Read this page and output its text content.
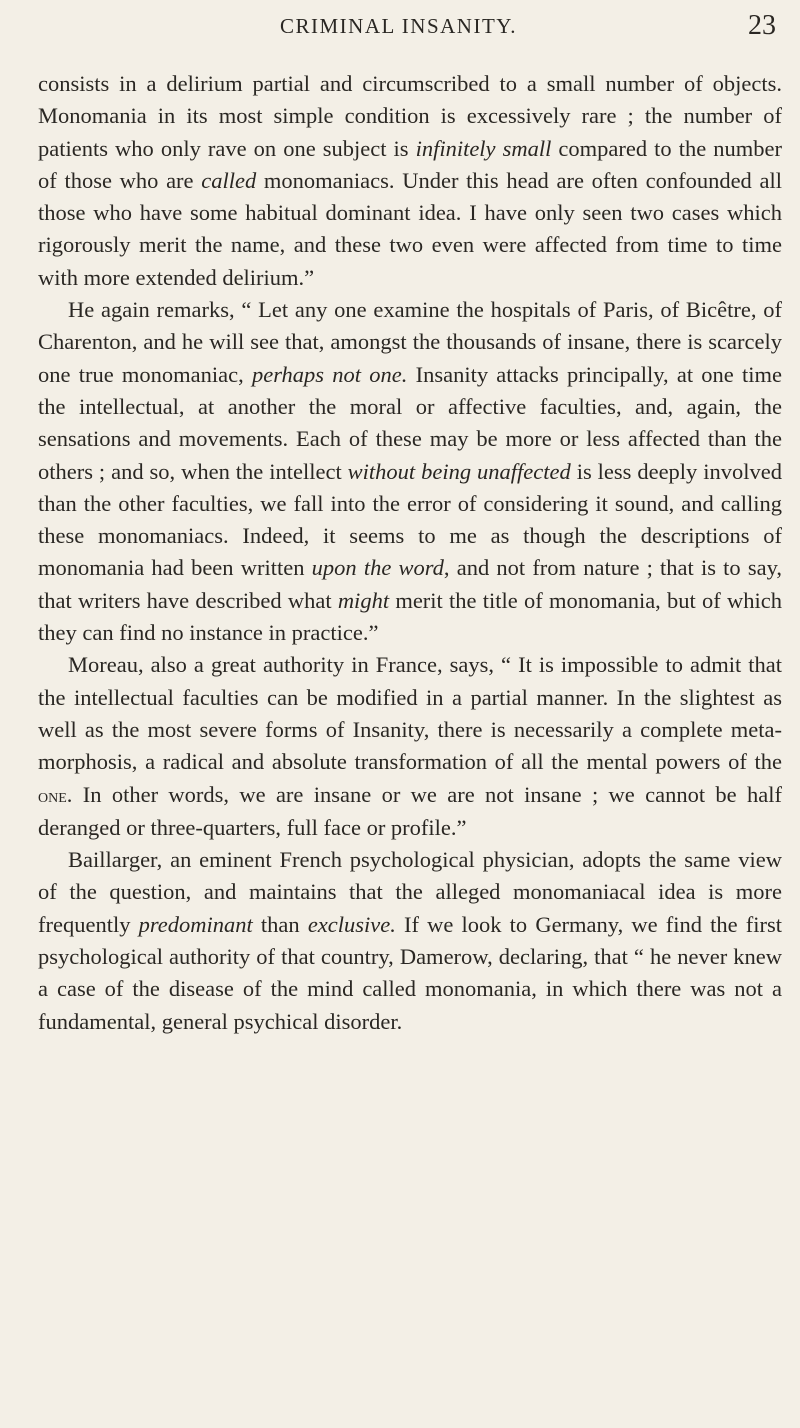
CRIMINAL INSANITY.	23

consists in a delirium partial and circumscribed to a small number of objects. Monomania in its most simple condition is excessively rare ; the number of patients who only rave on one subject is infinitely small compared to the number of those who are called monomaniacs. Under this head are often confounded all those who have some habitual dominant idea. I have only seen two cases which rigorously merit the name, and these two even were affected from time to time with more extended delirium.”

He again remarks, “ Let any one examine the hospitals of Paris, of Bicêtre, of Charenton, and he will see that, amongst the thousands of insane, there is scarcely one true monomaniac, perhaps not one. Insanity attacks principally, at one time the intellectual, at another the moral or affective faculties, and, again, the sensations and movements. Each of these may be more or less affected than the others ; and so, when the intellect without being unaffected is less deeply involved than the other faculties, we fall into the error of considering it sound, and calling these monomaniacs. Indeed, it seems to me as though the descriptions of monomania had been written upon the word, and not from nature ; that is to say, that writers have described what might merit the title of monomania, but of which they can find no instance in practice.”

Moreau, also a great authority in France, says, “ It is impossible to admit that the intellectual faculties can be modified in a partial manner. In the slightest as well as the most severe forms of Insanity, there is necessarily a complete metamorphosis, a radical and absolute transformation of all the mental powers of the one. In other words, we are insane or we are not insane ; we cannot be half deranged or three-quarters, full face or profile.”

Baillarger, an eminent French psychological physician, adopts the same view of the question, and maintains that the alleged monomaniacal idea is more frequently predominant than exclusive. If we look to Germany, we find the first psychological authority of that country, Damerow, declaring, that “ he never knew a case of the disease of the mind called monomania, in which there was not a fundamental, general psychical disorder.
